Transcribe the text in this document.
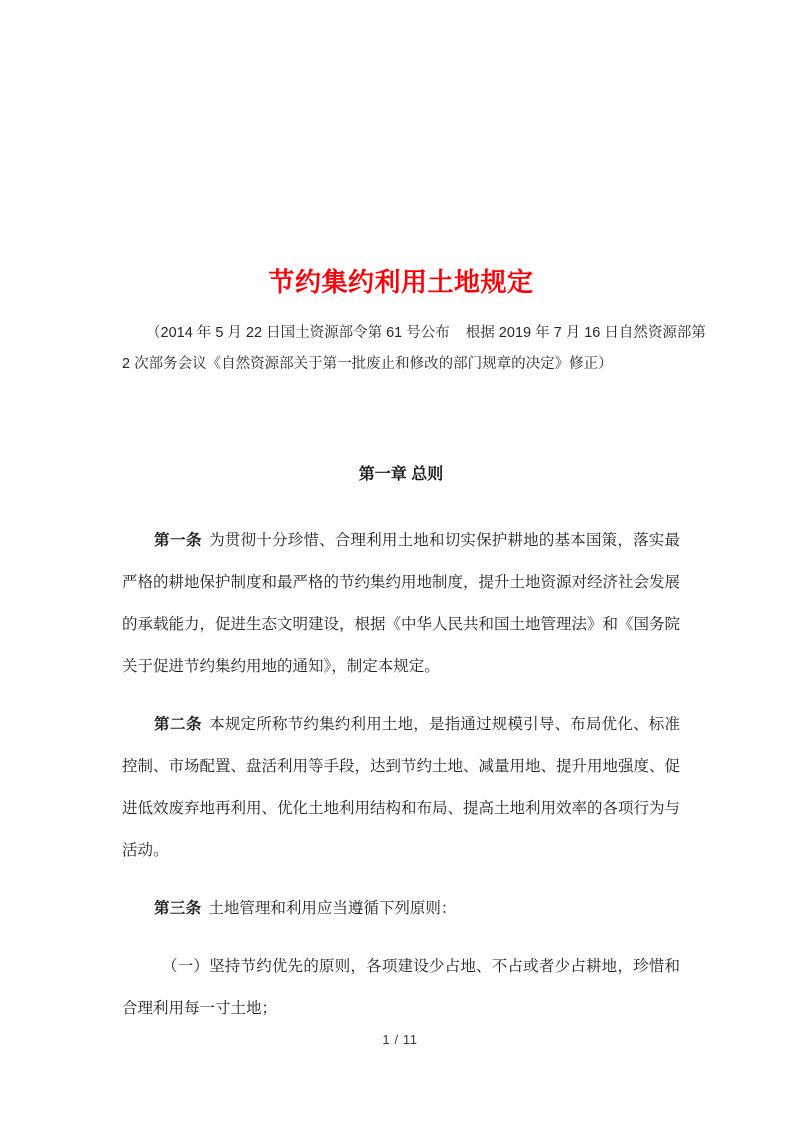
节约集约利用土地规定
（2014 年 5 月 22 日国土资源部令第 61 号公布 根据 2019 年 7 月 16 日自然资源部第
2 次部务会议《自然资源部关于第一批废止和修改的部门规章的决定》修正）
第一章 总则

第一条 为贯彻十分珍惜、合理利用土地和切实保护耕地的基本国策，落实最严格的耕地保护制度和最严格的节约集约用地制度，提升土地资源对经济社会发展的承载能力，促进生态文明建设，根据《中华人民共和国土地管理法》和《国务院关于促进节约集约用地的通知》，制定本规定。

第二条 本规定所称节约集约利用土地，是指通过规模引导、布局优化、标准控制、市场配置、盘活利用等手段，达到节约土地、减量用地、提升用地强度、促进低效废弃地再利用、优化土地利用结构和布局、提高土地利用效率的各项行为与活动。

第三条 土地管理和利用应当遵循下列原则：

（一）坚持节约优先的原则，各项建设少占地、不占或者少占耕地，珍惜和合理利用每一寸土地；

1 / 11
